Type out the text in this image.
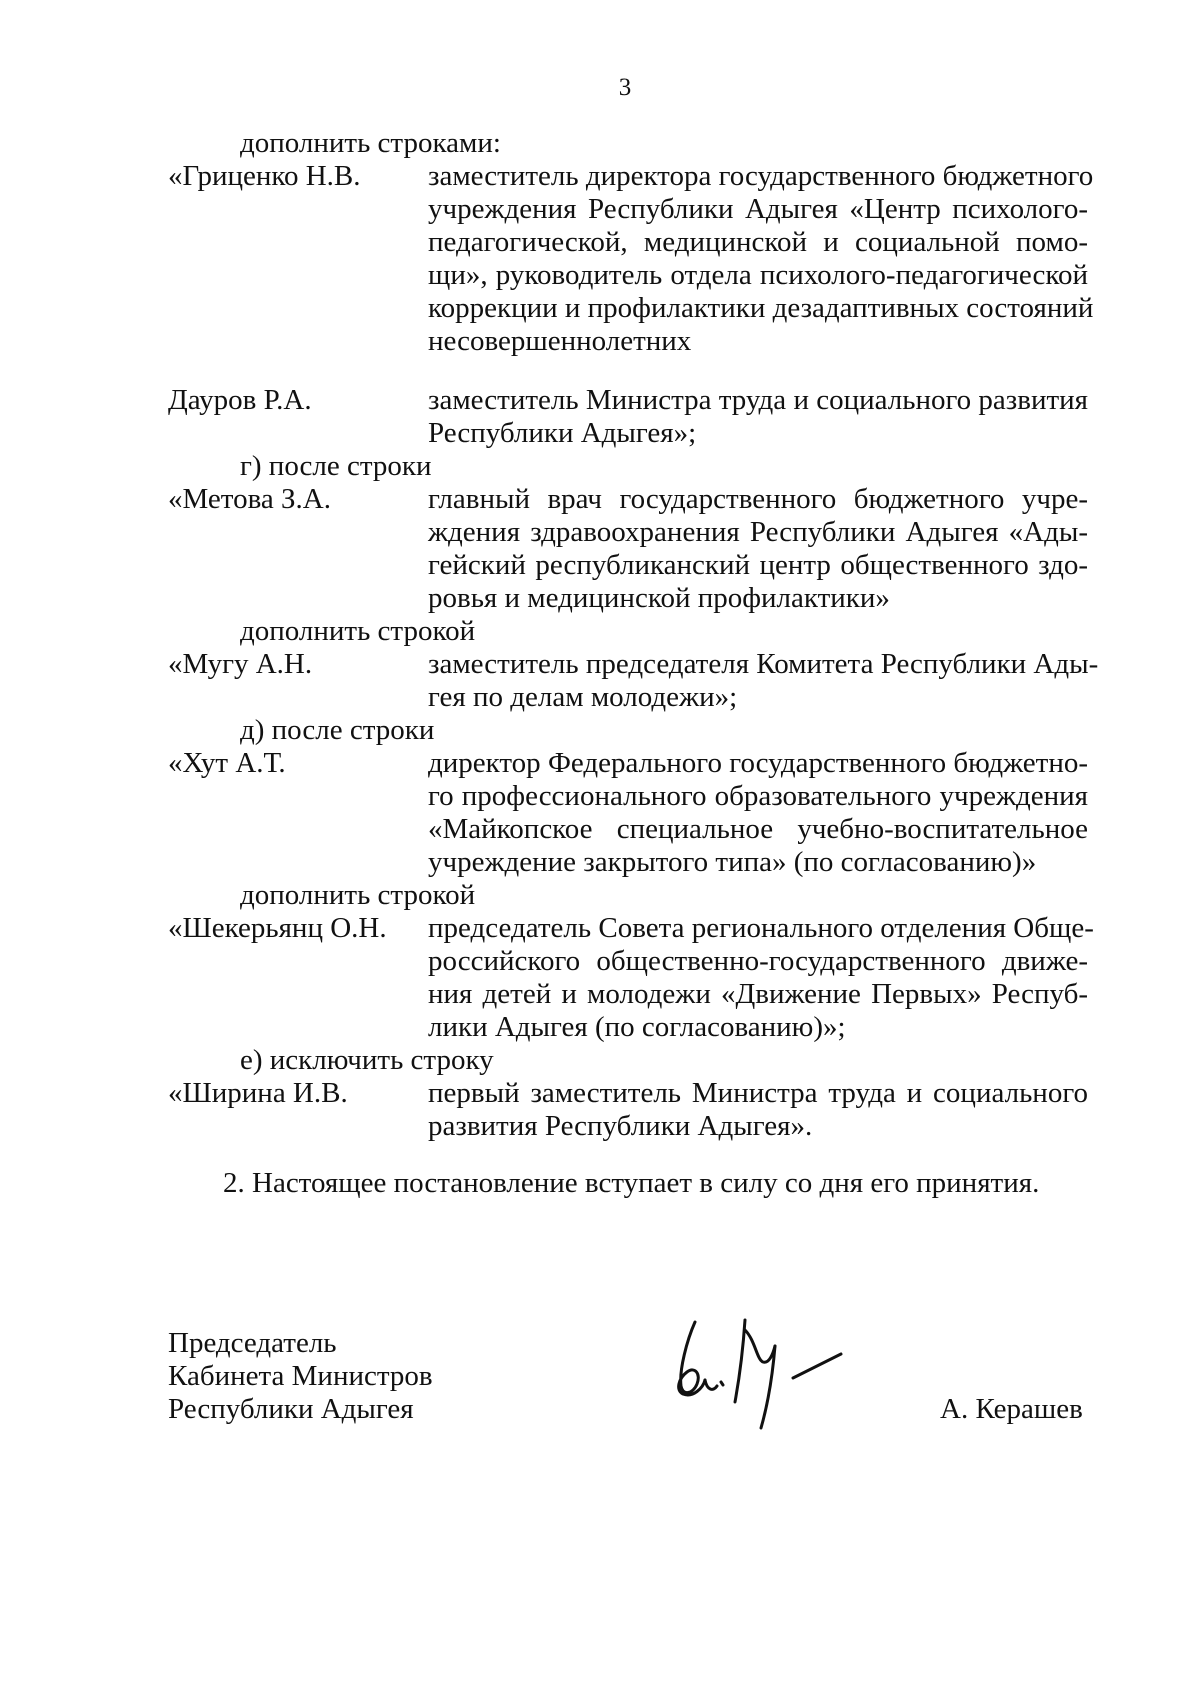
3
дополнить строками:
«Гриценко Н.В. заместитель директора государственного бюджетного
учреждения Республики Адыгея «Центр психолого-
педагогической, медицинской и социальной помо-
щи», руководитель отдела психолого-педагогической
коррекции и профилактики дезадаптивных состояний
несовершеннолетних
Дауров Р.А.	заместитель Министра труда и социального развития
Республики Адыгея»;
г) после строки
«Метова З.А.	главный врач государственного бюджетного учре-
ждения здравоохранения Республики Адыгея «Ады-
гейский республиканский центр общественного здо-
ровья и медицинской профилактики»
дополнить строкой
«Мугу А.Н.	заместитель председателя Комитета Республики Ады-
гея по делам молодежи»;
д) после строки
«Хут А.Т.	директор Федерального государственного бюджетно-
го профессионального образовательного учреждения
«Майкопское специальное учебно-воспитательное
учреждение закрытого типа» (по согласованию)»
дополнить строкой
«Шекерьянц О.Н. председатель Совета регионального отделения Обще-
российского общественно-государственного движе-
ния детей и молодежи «Движение Первых» Респуб-
лики Адыгея (по согласованию)»;
е) исключить строку
«Ширина И.В.	первый заместитель Министра труда и социального
развития Республики Адыгея».
2. Настоящее постановление вступает в силу со дня его принятия.
Председатель
Кабинета Министров
Республики Адыгея	А. Керашев
